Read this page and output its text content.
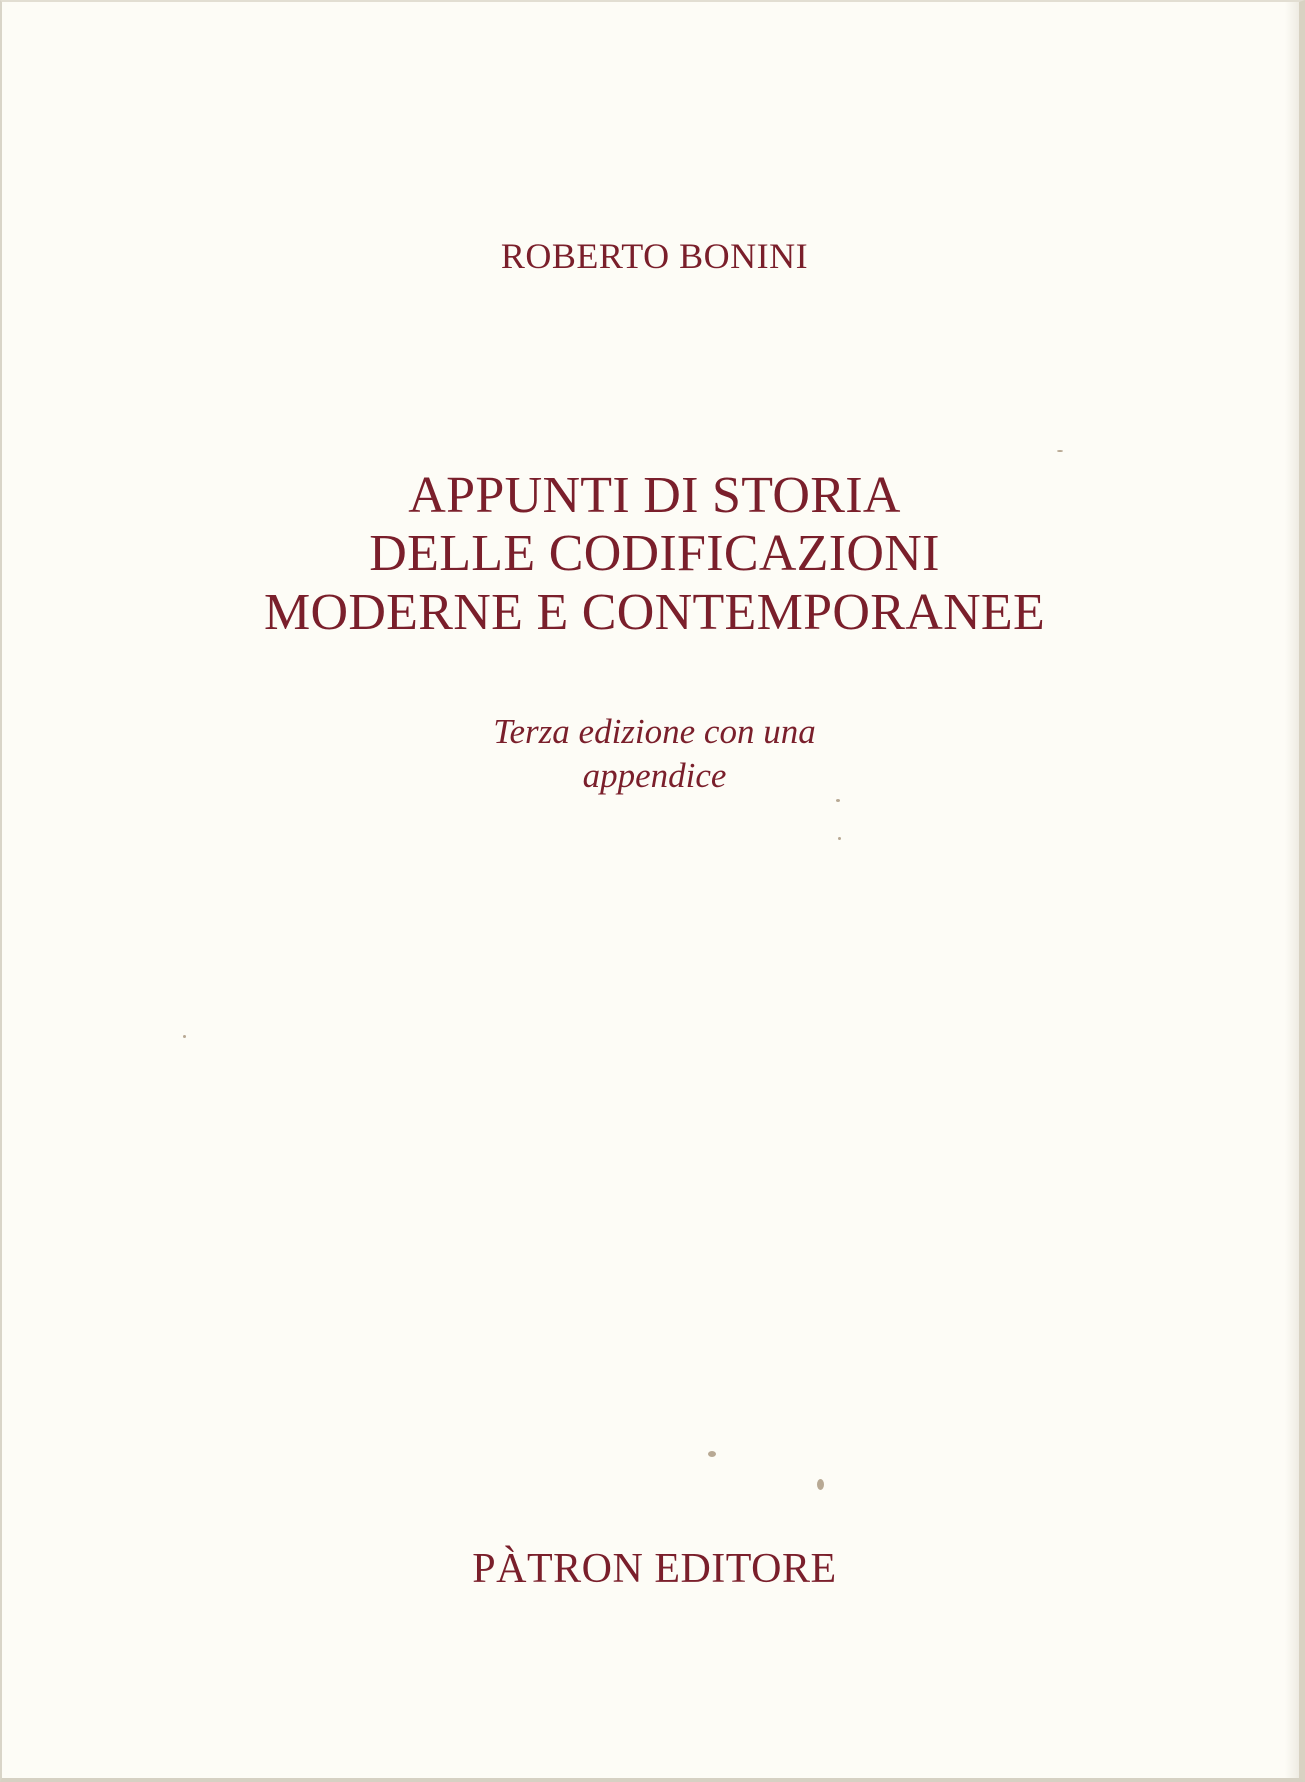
ROBERTO BONINI
APPUNTI DI STORIA
DELLE CODIFICAZIONI
MODERNE E CONTEMPORANEE
Terza edizione con una
appendice
PÀTRON EDITORE
